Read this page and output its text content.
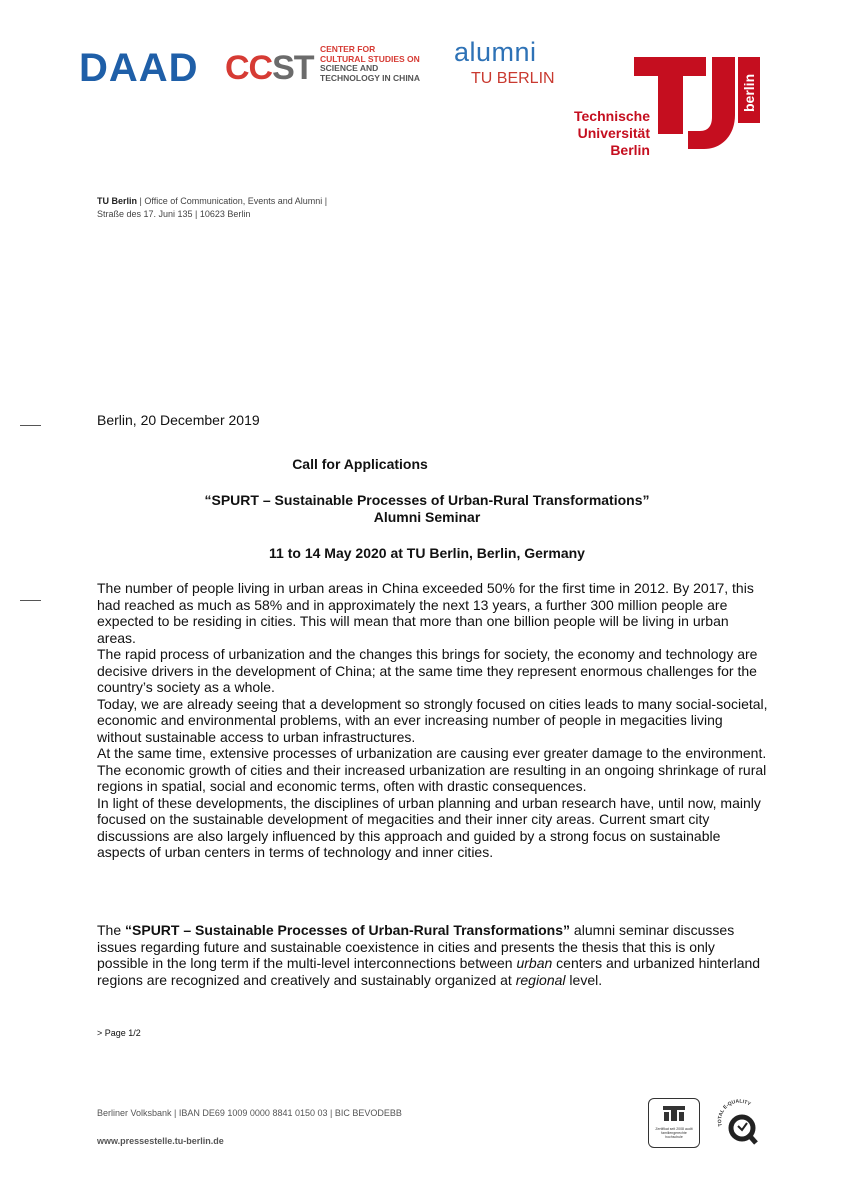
DAAD CCST CENTER FOR
CULTURAL STUDIES ON
SCIENCE AND
TECHNOLOGY IN CHINA
alumni
TU BERLIN	berlin
Technische
Universität
Berlin
TU Berlin | Office of Communication, Events and Alumni |
Straße des 17. Juni 135 | 10623 Berlin
Berlin, 20 December 2019
Call for Applications
“SPURT – Sustainable Processes of Urban-Rural Transformations”
Alumni Seminar
11 to 14 May 2020 at TU Berlin, Berlin, Germany

The number of people living in urban areas in China exceeded 50% for the first time in 2012. By 2017, this had reached as much as 58% and in approximately the next 13 years, a further 300 million people are expected to be residing in cities. This will mean that more than one billion people will be living in urban areas.

The rapid process of urbanization and the changes this brings for society, the economy and technology are decisive drivers in the development of China; at the same time they represent enormous challenges for the country’s society as a whole.

Today, we are already seeing that a development so strongly focused on cities leads to many social-societal, economic and environmental problems, with an ever increasing number of people in megacities living without sustainable access to urban infrastructures.

At the same time, extensive processes of urbanization are causing ever greater damage to the environment. The economic growth of cities and their increased urbanization are resulting in an ongoing shrinkage of rural regions in spatial, social and economic terms, often with drastic consequences.

In light of these developments, the disciplines of urban planning and urban research have, until now, mainly focused on the sustainable development of megacities and their inner city areas. Current smart city discussions are also largely influenced by this approach and guided by a strong focus on sustainable aspects of urban centers in terms of technology and inner cities.

The “SPURT – Sustainable Processes of Urban-Rural Transformations” alumni seminar discusses issues regarding future and sustainable coexistence in cities and presents the thesis that this is only possible in the long term if the multi-level interconnections between urban centers and urbanized hinterland regions are recognized and creatively and sustainably organized at regional level.

> Page 1/2
Berliner Volksbank | IBAN DE69 1009 0000 8841 0150 03 | BIC BEVODEBB
www.pressestelle.tu-berlin.de
Zertifikat seit 2008 audit familiengerechte hochschule
TOTAL E-QUALITY
